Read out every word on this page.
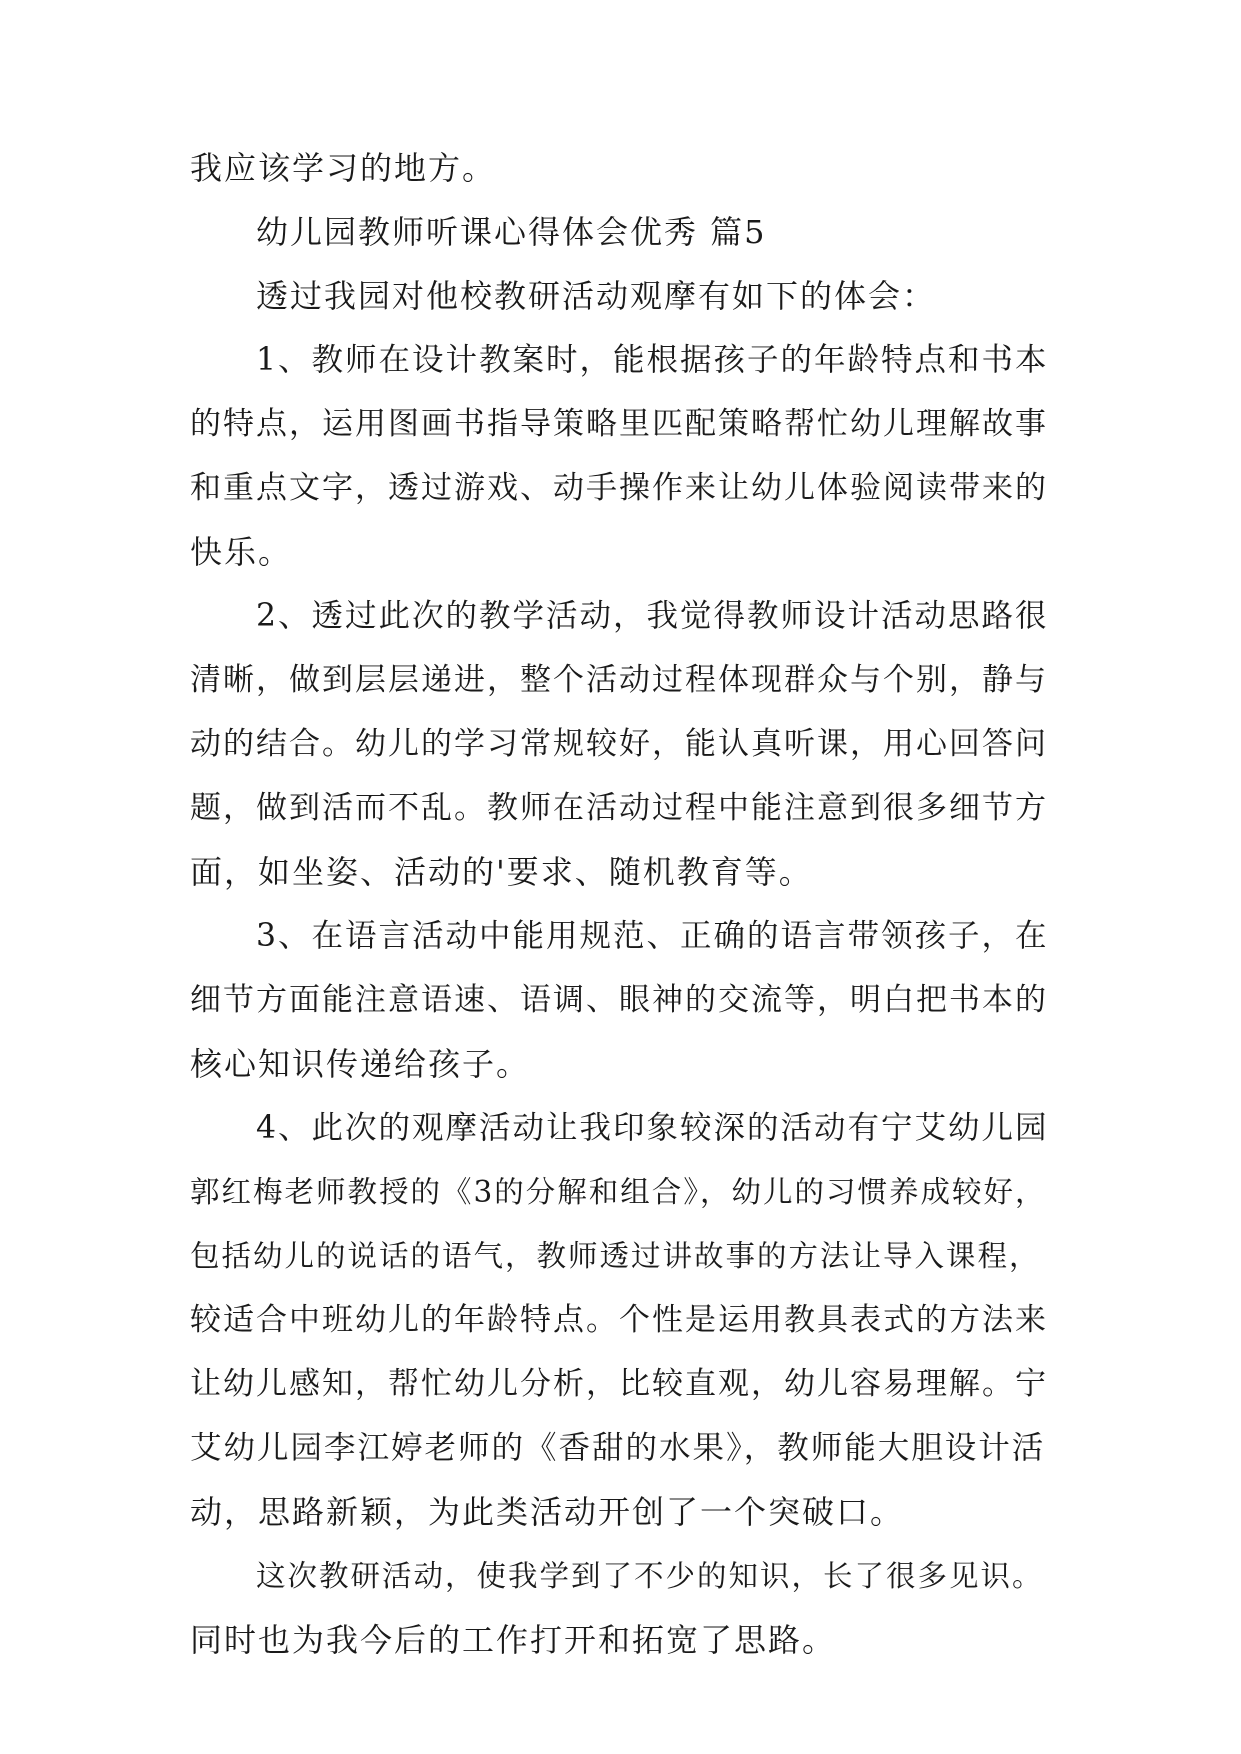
我应该学习的地方。
幼儿园教师听课心得体会优秀 篇5
透过我园对他校教研活动观摩有如下的体会：
1、教师在设计教案时，能根据孩子的年龄特点和书本
的特点，运用图画书指导策略里匹配策略帮忙幼儿理解故事
和重点文字，透过游戏、动手操作来让幼儿体验阅读带来的
快乐。
2、透过此次的教学活动，我觉得教师设计活动思路很
清晰，做到层层递进，整个活动过程体现群众与个别，静与
动的结合。幼儿的学习常规较好，能认真听课，用心回答问
题，做到活而不乱。教师在活动过程中能注意到很多细节方
面，如坐姿、活动的'要求、随机教育等。
3、在语言活动中能用规范、正确的语言带领孩子，在
细节方面能注意语速、语调、眼神的交流等，明白把书本的
核心知识传递给孩子。
4、此次的观摩活动让我印象较深的活动有宁艾幼儿园
郭红梅老师教授的《3的分解和组合》，幼儿的习惯养成较好，
包括幼儿的说话的语气，教师透过讲故事的方法让导入课程，
较适合中班幼儿的年龄特点。个性是运用教具表式的方法来
让幼儿感知，帮忙幼儿分析，比较直观，幼儿容易理解。宁
艾幼儿园李江婷老师的《香甜的水果》，教师能大胆设计活
动，思路新颖，为此类活动开创了一个突破口。
这次教研活动，使我学到了不少的知识，长了很多见识。
同时也为我今后的工作打开和拓宽了思路。
